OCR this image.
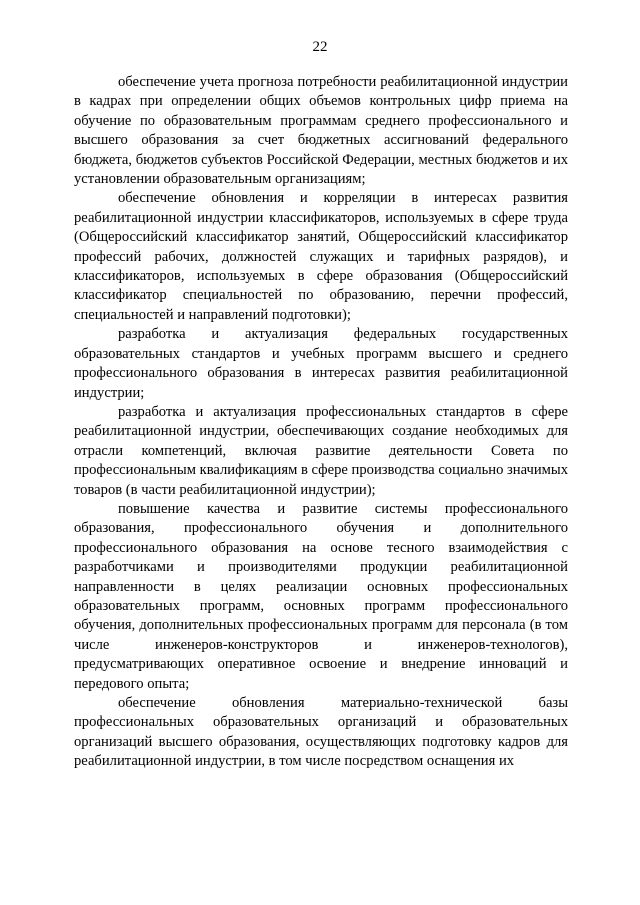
22

обеспечение учета прогноза потребности реабилитационной индустрии в кадрах при определении общих объемов контрольных цифр приема на обучение по образовательным программам среднего профессионального и высшего образования за счет бюджетных ассигнований федерального бюджета, бюджетов субъектов Российской Федерации, местных бюджетов и их установлении образовательным организациям;

обеспечение обновления и корреляции в интересах развития реабилитационной индустрии классификаторов, используемых в сфере труда (Общероссийский классификатор занятий, Общероссийский классификатор профессий рабочих, должностей служащих и тарифных разрядов), и классификаторов, используемых в сфере образования (Общероссийский классификатор специальностей по образованию, перечни профессий, специальностей и направлений подготовки);

разработка и актуализация федеральных государственных образовательных стандартов и учебных программ высшего и среднего профессионального образования в интересах развития реабилитационной индустрии;

разработка и актуализация профессиональных стандартов в сфере реабилитационной индустрии, обеспечивающих создание необходимых для отрасли компетенций, включая развитие деятельности Совета по профессиональным квалификациям в сфере производства социально значимых товаров (в части реабилитационной индустрии);

повышение качества и развитие системы профессионального образования, профессионального обучения и дополнительного профессионального образования на основе тесного взаимодействия с разработчиками и производителями продукции реабилитационной направленности в целях реализации основных профессиональных образовательных программ, основных программ профессионального обучения, дополнительных профессиональных программ для персонала (в том числе инженеров-конструкторов и инженеров-технологов), предусматривающих оперативное освоение и внедрение инноваций и передового опыта;

обеспечение обновления материально-технической базы профессиональных образовательных организаций и образовательных организаций высшего образования, осуществляющих подготовку кадров для реабилитационной индустрии, в том числе посредством оснащения их
